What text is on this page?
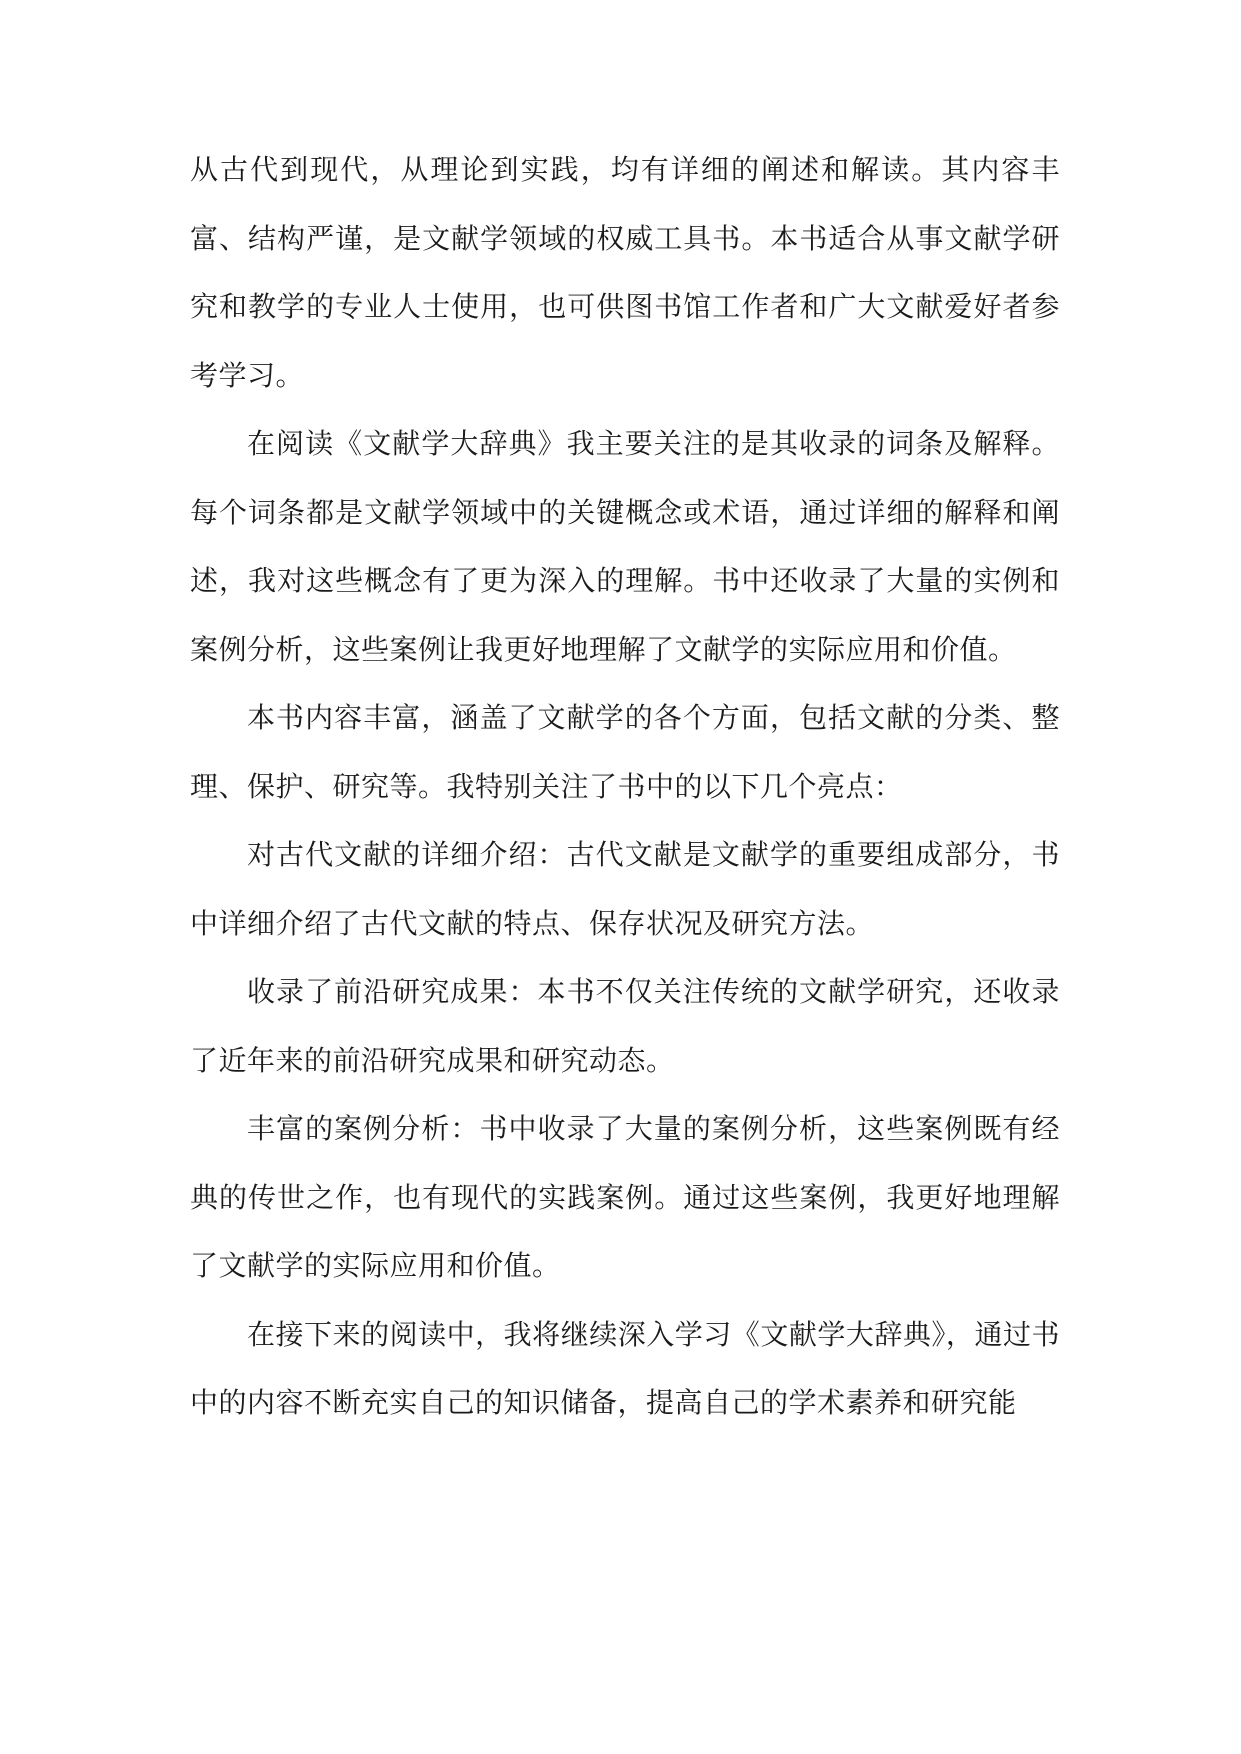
从古代到现代，从理论到实践，均有详细的阐述和解读。其内容丰富、结构严谨，是文献学领域的权威工具书。本书适合从事文献学研究和教学的专业人士使用，也可供图书馆工作者和广大文献爱好者参考学习。

在阅读《文献学大辞典》我主要关注的是其收录的词条及解释。每个词条都是文献学领域中的关键概念或术语，通过详细的解释和阐述，我对这些概念有了更为深入的理解。书中还收录了大量的实例和案例分析，这些案例让我更好地理解了文献学的实际应用和价值。

本书内容丰富，涵盖了文献学的各个方面，包括文献的分类、整理、保护、研究等。我特别关注了书中的以下几个亮点：

对古代文献的详细介绍：古代文献是文献学的重要组成部分，书中详细介绍了古代文献的特点、保存状况及研究方法。

收录了前沿研究成果：本书不仅关注传统的文献学研究，还收录了近年来的前沿研究成果和研究动态。

丰富的案例分析：书中收录了大量的案例分析，这些案例既有经典的传世之作，也有现代的实践案例。通过这些案例，我更好地理解了文献学的实际应用和价值。

在接下来的阅读中，我将继续深入学习《文献学大辞典》，通过书中的内容不断充实自己的知识储备，提高自己的学术素养和研究能
